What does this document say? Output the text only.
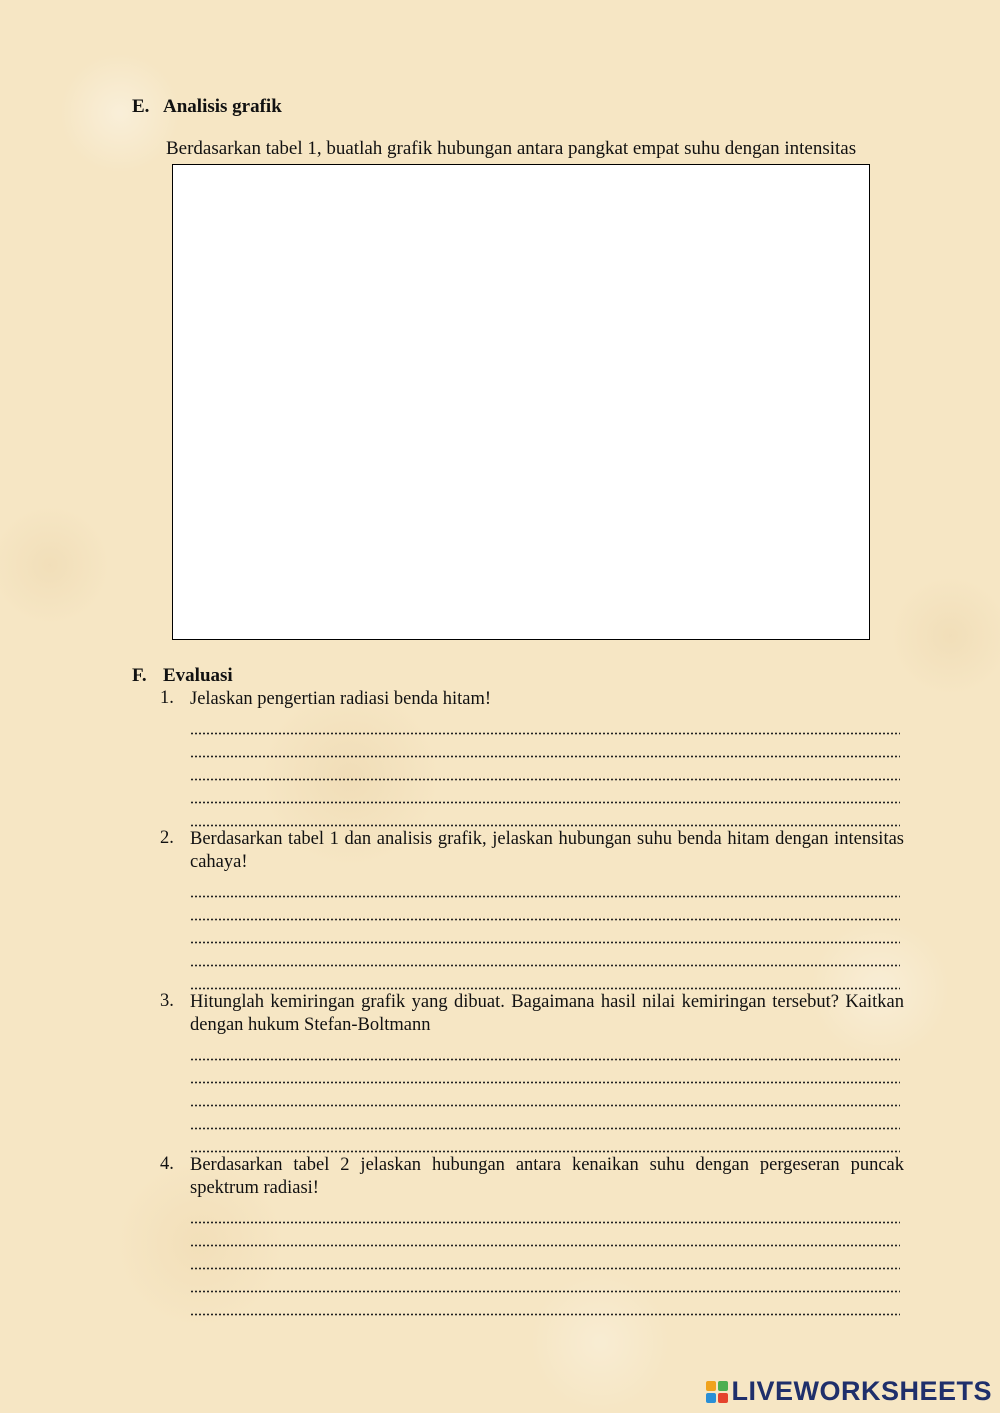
E. Analisis grafik

Berdasarkan tabel 1, buatlah grafik hubungan antara pangkat empat suhu dengan intensitas

F. Evaluasi
1. Jelaskan pengertian radiasi benda hitam!
2. Berdasarkan tabel 1 dan analisis grafik, jelaskan hubungan suhu benda hitam dengan intensitas cahaya!
3. Hitunglah kemiringan grafik yang dibuat. Bagaimana hasil nilai kemiringan tersebut? Kaitkan dengan hukum Stefan-Boltmann
4. Berdasarkan tabel 2 jelaskan hubungan antara kenaikan suhu dengan pergeseran puncak spektrum radiasi!
LIVEWORKSHEETS
